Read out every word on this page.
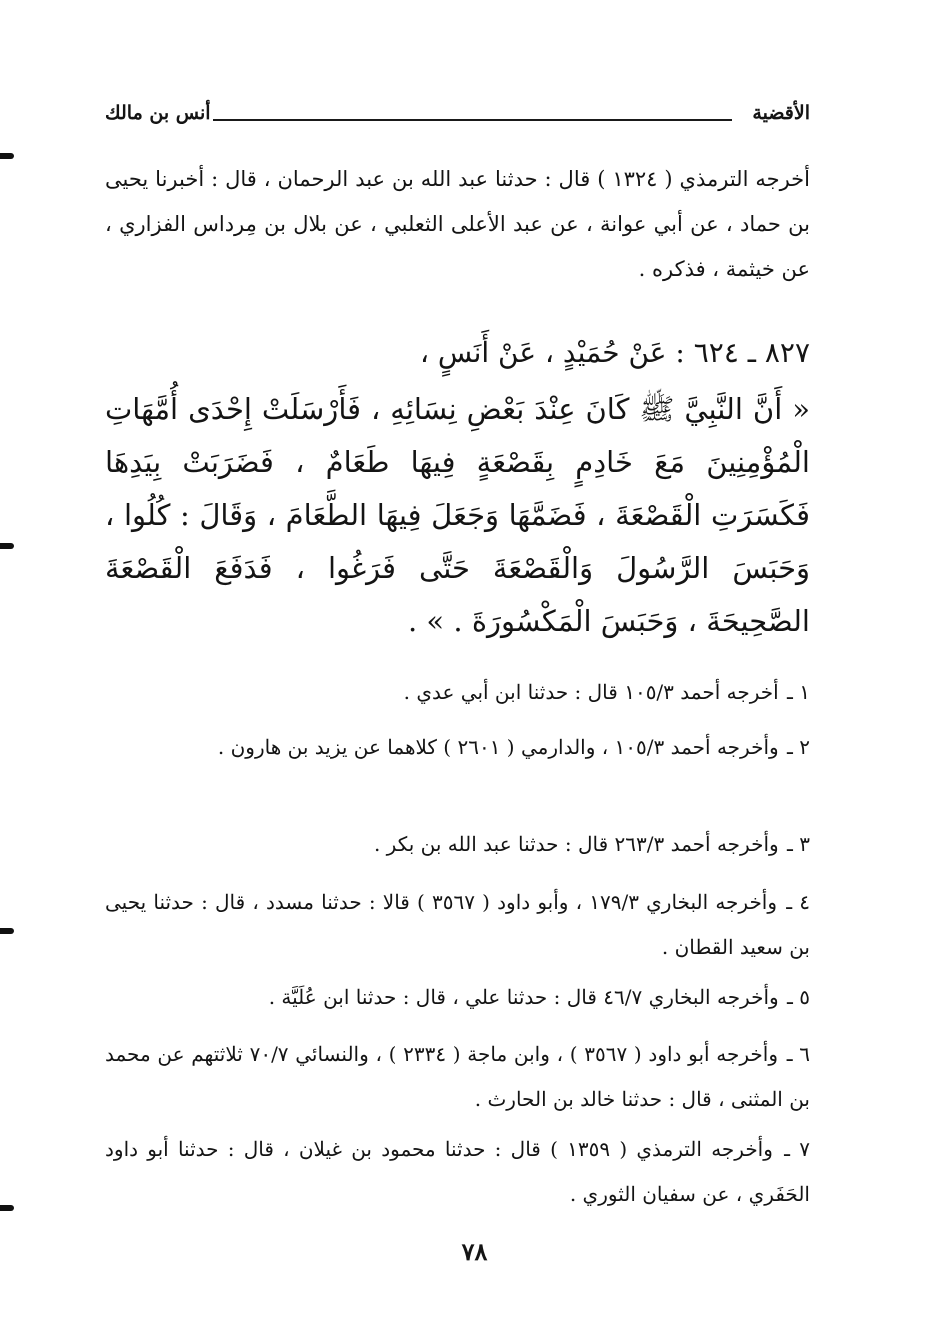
الأقضية
أنس بن مالك
أخرجه الترمذي ( ١٣٢٤ ) قال : حدثنا عبد الله بن عبد الرحمان ، قال : أخبرنا يحيى بن حماد ، عن أبي عوانة ، عن عبد الأعلى الثعلبي ، عن بلال بن مِرداس الفزاري ، عن خيثمة ، فذكره .
٨٢٧ ـ ٦٢٤ : عَنْ حُمَيْدٍ ، عَنْ أَنَسٍ ،
« أَنَّ النَّبِيَّ ﷺ كَانَ عِنْدَ بَعْضِ نِسَائِهِ ، فَأَرْسَلَتْ إِحْدَى أُمَّهَاتِ الْمُؤْمِنِينَ مَعَ خَادِمٍ بِقَصْعَةٍ فِيهَا طَعَامٌ ، فَضَرَبَتْ بِيَدِهَا فَكَسَرَتِ الْقَصْعَةَ ، فَضَمَّهَا وَجَعَلَ فِيهَا الطَّعَامَ ، وَقَالَ : كُلُوا ، وَحَبَسَ الرَّسُولَ وَالْقَصْعَةَ حَتَّى فَرَغُوا ، فَدَفَعَ الْقَصْعَةَ الصَّحِيحَةَ ، وَحَبَسَ الْمَكْسُورَةَ . » .
١ ـ أخرجه أحمد ١٠٥/٣ قال : حدثنا ابن أبي عدي .
٢ ـ وأخرجه أحمد ١٠٥/٣ ، والدارمي ( ٢٦٠١ ) كلاهما عن يزيد بن هارون .
٣ ـ وأخرجه أحمد ٢٦٣/٣ قال : حدثنا عبد الله بن بكر .
٤ ـ وأخرجه البخاري ١٧٩/٣ ، وأبو داود ( ٣٥٦٧ ) قالا : حدثنا مسدد ، قال : حدثنا يحيى بن سعيد القطان .
٥ ـ وأخرجه البخاري ٤٦/٧ قال : حدثنا علي ، قال : حدثنا ابن عُلَيَّة .
٦ ـ وأخرجه أبو داود ( ٣٥٦٧ ) ، وابن ماجة ( ٢٣٣٤ ) ، والنسائي ٧٠/٧ ثلاثتهم عن محمد بن المثنى ، قال : حدثنا خالد بن الحارث .
٧ ـ وأخرجه الترمذي ( ١٣٥٩ ) قال : حدثنا محمود بن غيلان ، قال : حدثنا أبو داود الحَفَري ، عن سفيان الثوري .
٧٨
